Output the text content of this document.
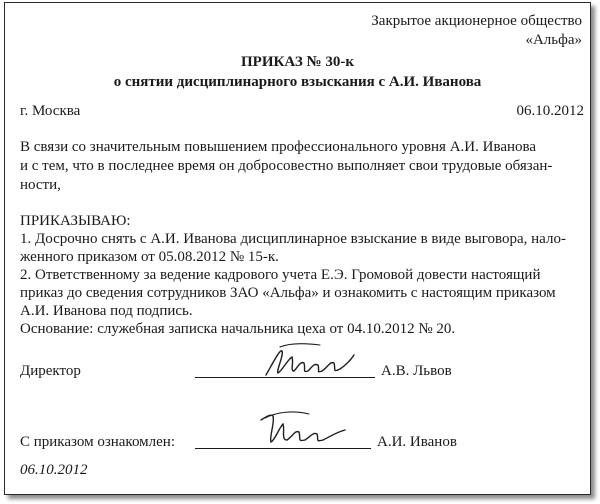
Закрытое акционерное общество
«Альфа»
ПРИКАЗ № 30-к
о снятии дисциплинарного взыскания с А.И. Иванова
г. Москва	06.10.2012
В связи со значительным повышением профессионального уровня А.И. Иванова
и с тем, что в последнее время он добросовестно выполняет свои трудовые обязан-
ности,
ПРИКАЗЫВАЮ:
1. Досрочно снять с А.И. Иванова дисциплинарное взыскание в виде выговора, нало-
женного приказом от 05.08.2012 № 15-к.
2. Ответственному за ведение кадрового учета Е.Э. Громовой довести настоящий
приказ до сведения сотрудников ЗАО «Альфа» и ознакомить с настоящим приказом
А.И. Иванова под подпись.
Основание: служебная записка начальника цеха от 04.10.2012 № 20.
Директор	А.В. Львов
С приказом ознакомлен:	А.И. Иванов
06.10.2012
